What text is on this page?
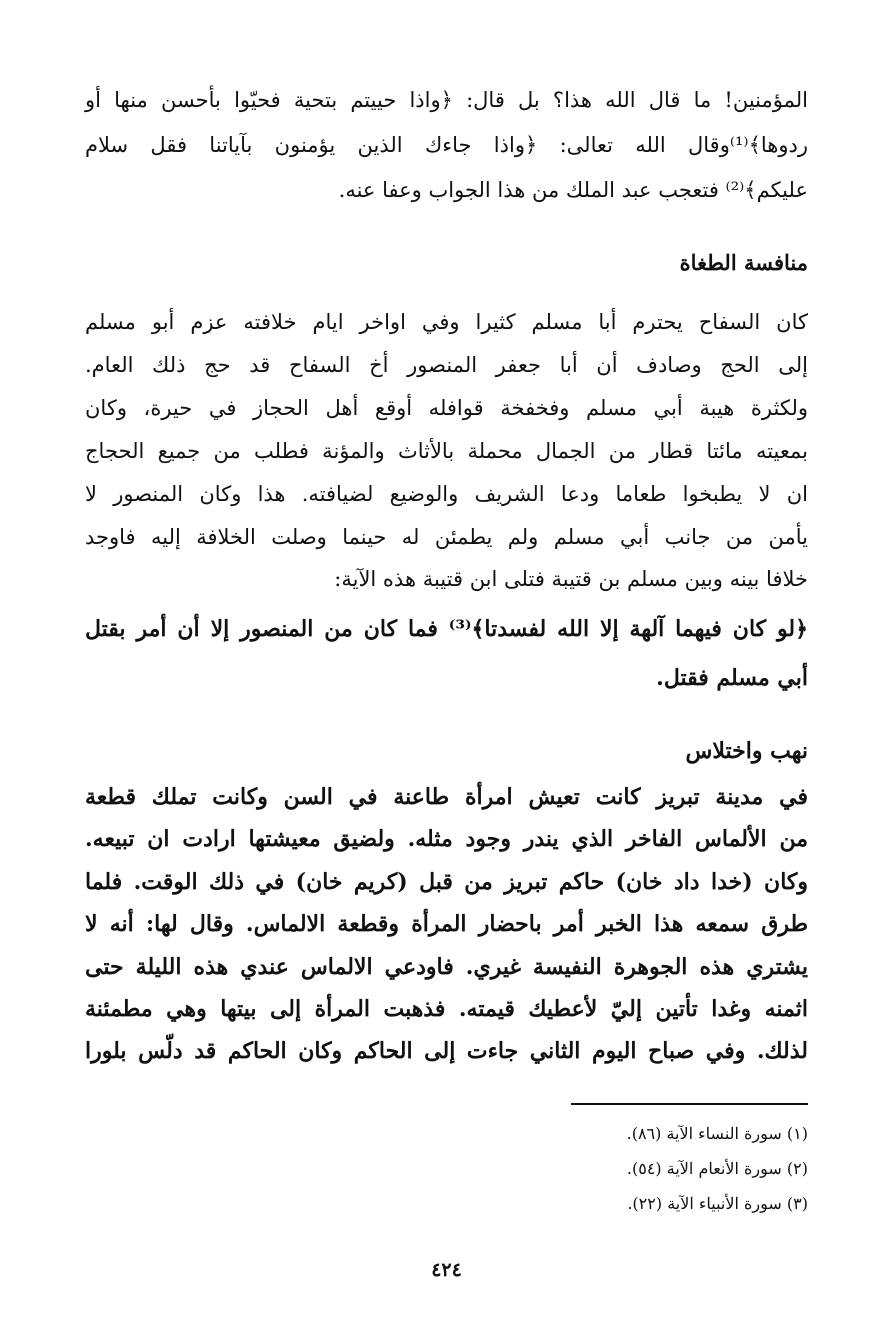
المؤمنين! ما قال الله هذا؟ بل قال: ﴿واذا حييتم بتحية فحيّوا بأحسن منها أو
ردوها﴾⁽¹⁾وقال الله تعالى: ﴿واذا جاءك الذين يؤمنون بآياتنا فقل سلام
عليكم﴾⁽²⁾ فتعجب عبد الملك من هذا الجواب وعفا عنه.
منافسة الطغاة
كان السفاح يحترم أبا مسلم كثيرا وفي اواخر ايام خلافته عزم أبو مسلم
إلى الحج وصادف أن أبا جعفر المنصور أخ السفاح قد حج ذلك العام.
ولكثرة هيبة أبي مسلم وفخفخة قوافله أوقع أهل الحجاز في حيرة، وكان
بمعيته مائتا قطار من الجمال محملة بالأثاث والمؤنة فطلب من جميع الحجاج
ان لا يطبخوا طعاما ودعا الشريف والوضيع لضيافته. هذا وكان المنصور لا
يأمن من جانب أبي مسلم ولم يطمئن له حينما وصلت الخلافة إليه فاوجد
خلافا بينه وبين مسلم بن قتيبة فتلى ابن قتيبة هذه الآية:
﴿لو كان فيهما آلهة إلا الله لفسدتا﴾⁽³⁾ فما كان من المنصور إلا أن أمر بقتل
أبي مسلم فقتل.
نهب واختلاس
في مدينة تبريز كانت تعيش امرأة طاعنة في السن وكانت تملك قطعة
من الألماس الفاخر الذي يندر وجود مثله. ولضيق معيشتها ارادت ان تبيعه.
وكان (خدا داد خان) حاكم تبريز من قبل (كريم خان) في ذلك الوقت. فلما
طرق سمعه هذا الخبر أمر باحضار المرأة وقطعة الالماس. وقال لها: أنه لا
يشتري هذه الجوهرة النفيسة غيري. فاودعي الالماس عندي هذه الليلة حتى
اثمنه وغدا تأتين إليّ لأعطيك قيمته. فذهبت المرأة إلى بيتها وهي مطمئنة
لذلك. وفي صباح اليوم الثاني جاءت إلى الحاكم وكان الحاكم قد دلّس بلورا
(١) سورة النساء الآية (٨٦).
(٢) سورة الأنعام الآية (٥٤).
(٣) سورة الأنبياء الآية (٢٢).
٤٢٤
